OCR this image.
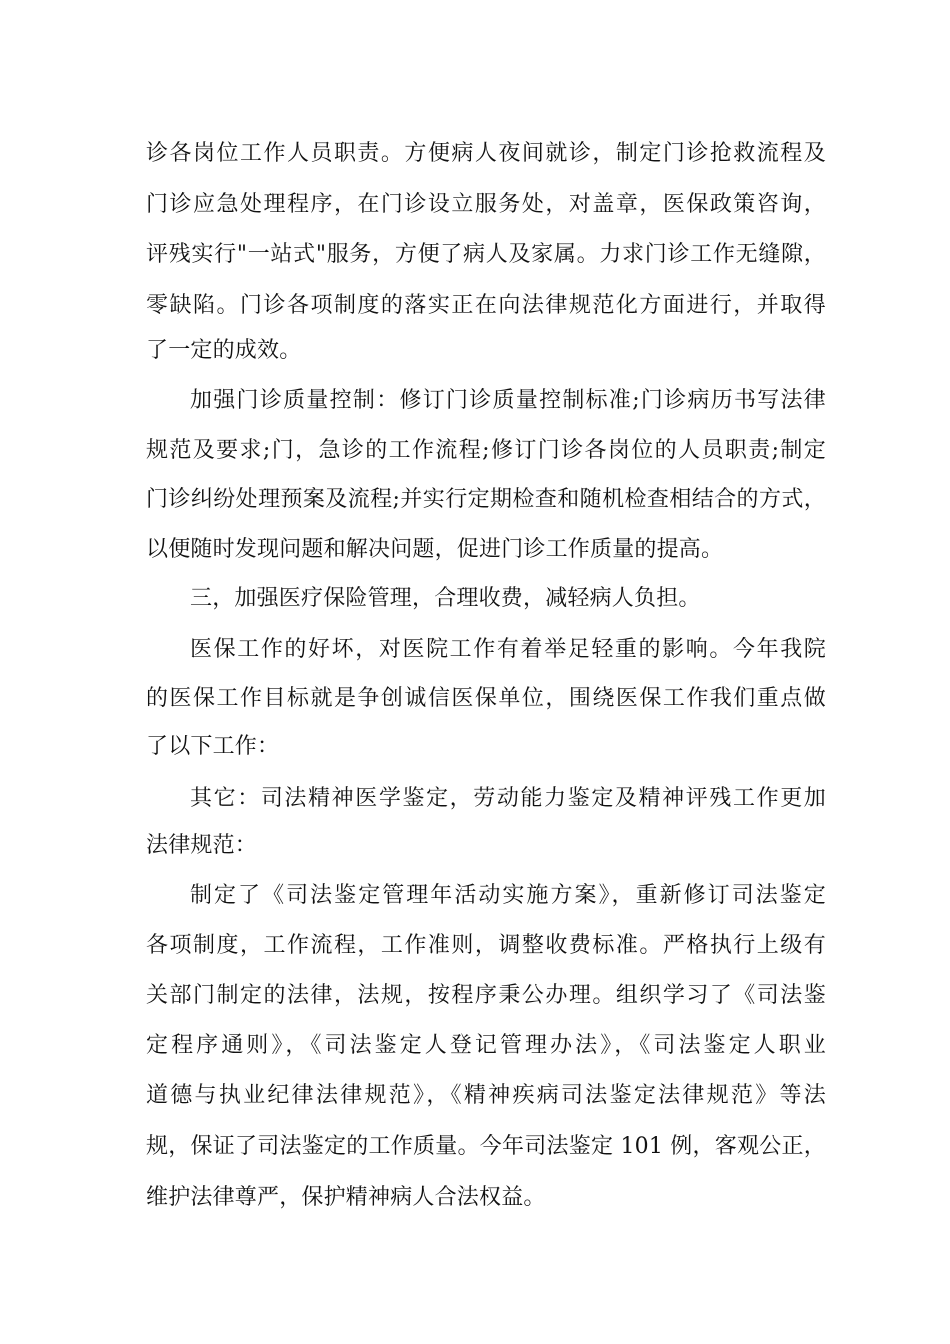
诊各岗位工作人员职责。方便病人夜间就诊，制定门诊抢救流程及
门诊应急处理程序，在门诊设立服务处，对盖章，医保政策咨询，
评残实行"一站式"服务，方便了病人及家属。力求门诊工作无缝隙，
零缺陷。门诊各项制度的落实正在向法律规范化方面进行，并取得
了一定的成效。
加强门诊质量控制：修订门诊质量控制标准;门诊病历书写法律
规范及要求;门，急诊的工作流程;修订门诊各岗位的人员职责;制定
门诊纠纷处理预案及流程;并实行定期检查和随机检查相结合的方式，
以便随时发现问题和解决问题，促进门诊工作质量的提高。
三，加强医疗保险管理，合理收费，减轻病人负担。
医保工作的好坏，对医院工作有着举足轻重的影响。今年我院
的医保工作目标就是争创诚信医保单位，围绕医保工作我们重点做
了以下工作：
其它：司法精神医学鉴定，劳动能力鉴定及精神评残工作更加
法律规范：
制定了《司法鉴定管理年活动实施方案》，重新修订司法鉴定
各项制度，工作流程，工作准则，调整收费标准。严格执行上级有
关部门制定的法律，法规，按程序秉公办理。组织学习了《司法鉴
定程序通则》，《司法鉴定人登记管理办法》，《司法鉴定人职业
道德与执业纪律法律规范》，《精神疾病司法鉴定法律规范》等法
规，保证了司法鉴定的工作质量。今年司法鉴定 101 例，客观公正，
维护法律尊严，保护精神病人合法权益。
